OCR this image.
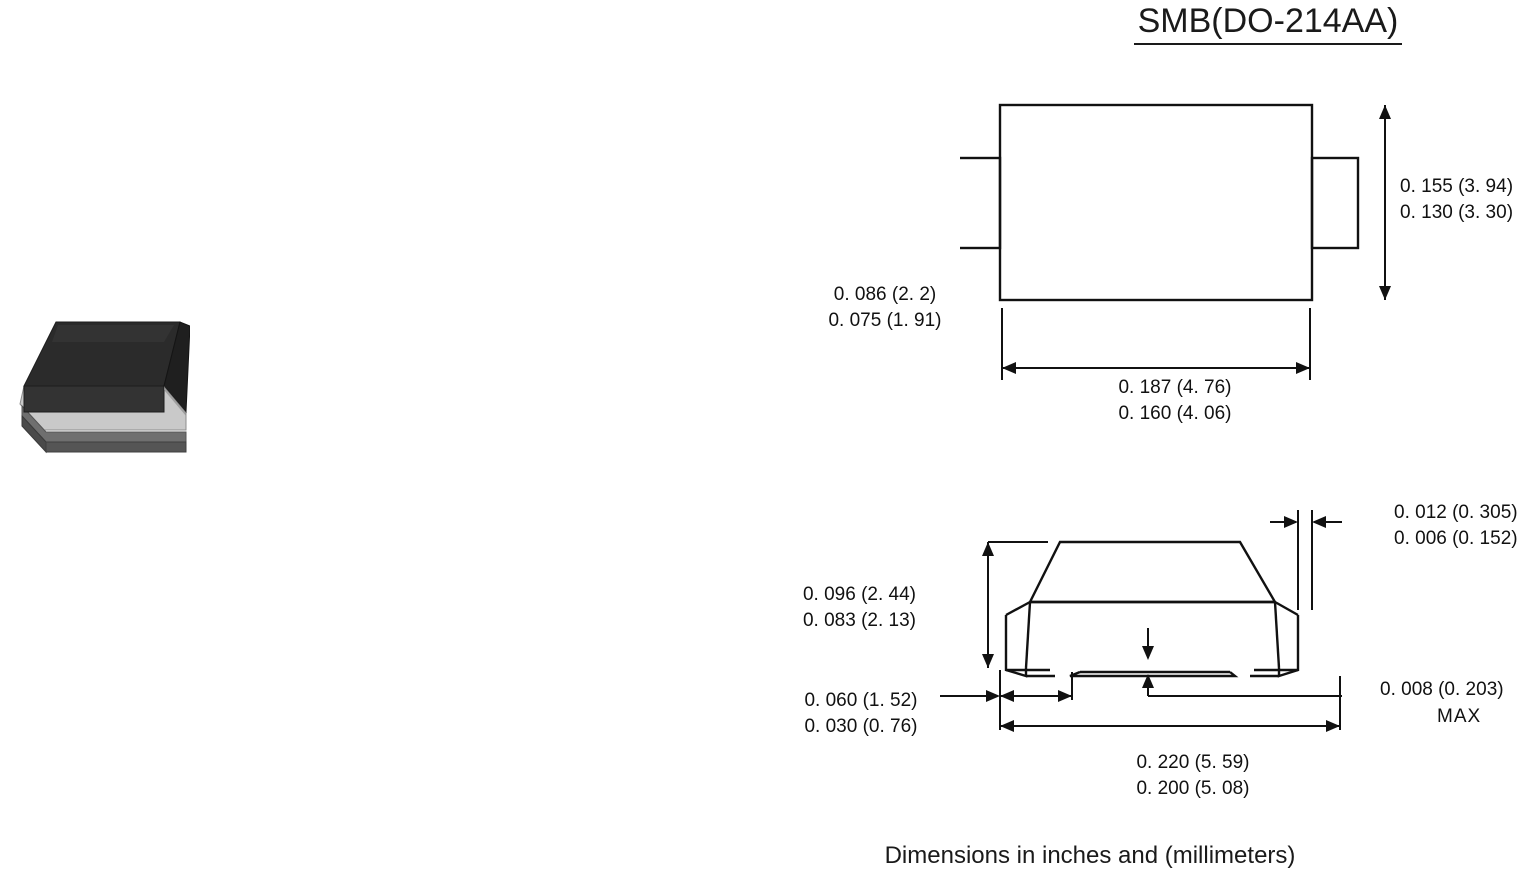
SMB(DO-214AA)
0. 086 (2. 2)
0. 075 (1. 91)
0. 155 (3. 94)
0. 130 (3. 30)
0. 187 (4. 76)
0. 160 (4. 06)
0. 096 (2. 44)
0. 083 (2. 13)
0. 060 (1. 52)
0. 030 (0. 76)
0. 220 (5. 59)
0. 200 (5. 08)
0. 012 (0. 305)
0. 006 (0. 152)
0. 008 (0. 203)
MAX
Dimensions in inches and (millimeters)
